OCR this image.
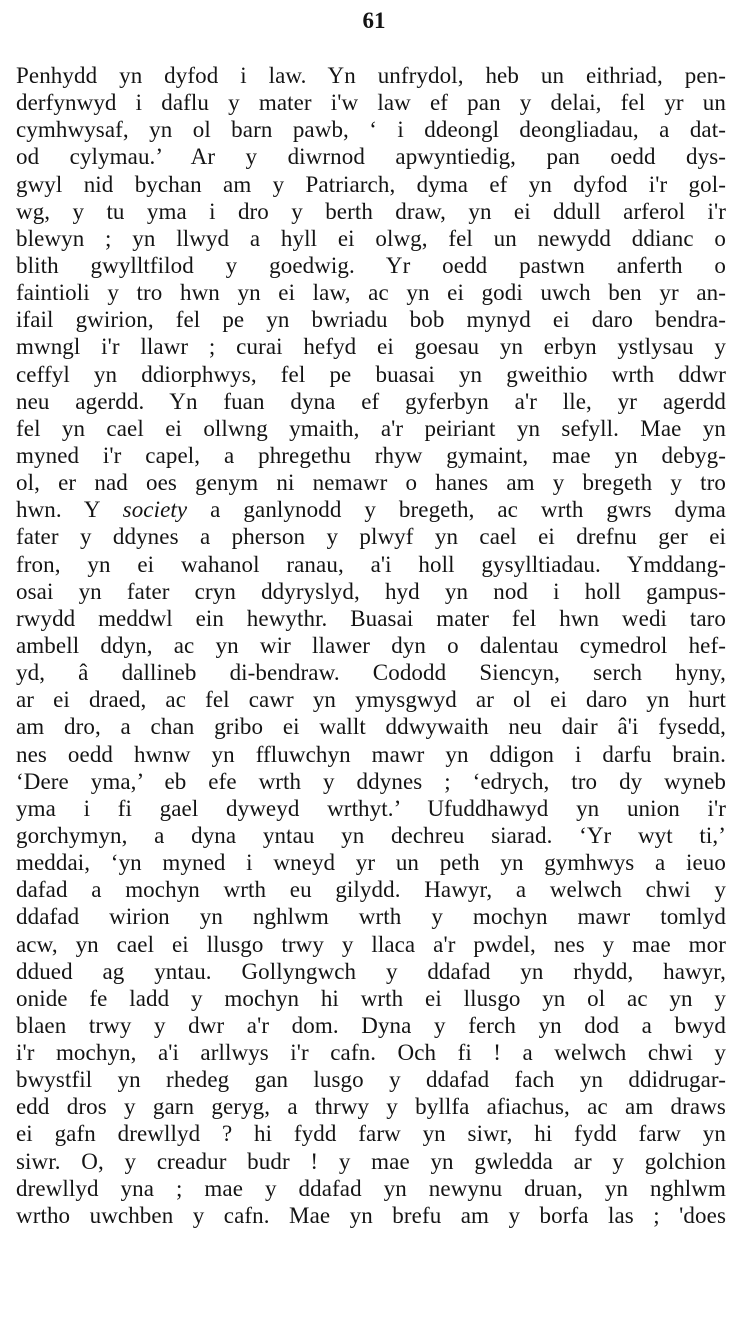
61
Penhydd yn dyfod i law. Yn unfrydol, heb un eithriad, pen-
derfynwyd i daflu y mater i'w law ef pan y delai, fel yr un
cymhwysaf, yn ol barn pawb, ‘ i ddeongl deongliadau, a dat-
od cylymau.’ Ar y diwrnod apwyntiedig, pan oedd dys-
gwyl nid bychan am y Patriarch, dyma ef yn dyfod i'r gol-
wg, y tu yma i dro y berth draw, yn ei ddull arferol i'r
blewyn ; yn llwyd a hyll ei olwg, fel un newydd ddianc o
blith gwylltfilod y goedwig. Yr oedd pastwn anferth o
faintioli y tro hwn yn ei law, ac yn ei godi uwch ben yr an-
ifail gwirion, fel pe yn bwriadu bob mynyd ei daro bendra-
mwngl i'r llawr ; curai hefyd ei goesau yn erbyn ystlysau y
ceffyl yn ddiorphwys, fel pe buasai yn gweithio wrth ddwr
neu agerdd. Yn fuan dyna ef gyferbyn a'r lle, yr agerdd
fel yn cael ei ollwng ymaith, a'r peiriant yn sefyll. Mae yn
myned i'r capel, a phregethu rhyw gymaint, mae yn debyg-
ol, er nad oes genym ni nemawr o hanes am y bregeth y tro
hwn. Y society a ganlynodd y bregeth, ac wrth gwrs dyma
fater y ddynes a pherson y plwyf yn cael ei drefnu ger ei
fron, yn ei wahanol ranau, a'i holl gysylltiadau. Ymddang-
osai yn fater cryn ddyryslyd, hyd yn nod i holl gampus-
rwydd meddwl ein hewythr. Buasai mater fel hwn wedi taro
ambell ddyn, ac yn wir llawer dyn o dalentau cymedrol hef-
yd, â dallineb di-bendraw. Cododd Siencyn, serch hyny,
ar ei draed, ac fel cawr yn ymysgwyd ar ol ei daro yn hurt
am dro, a chan gribo ei wallt ddwywaith neu dair â'i fysedd,
nes oedd hwnw yn ffluwchyn mawr yn ddigon i darfu brain.
‘Dere yma,’ eb efe wrth y ddynes ; ‘edrych, tro dy wyneb
yma i fi gael dyweyd wrthyt.’ Ufuddhawyd yn union i'r
gorchymyn, a dyna yntau yn dechreu siarad. ‘Yr wyt ti,’
meddai, ‘yn myned i wneyd yr un peth yn gymhwys a ieuo
dafad a mochyn wrth eu gilydd. Hawyr, a welwch chwi y
ddafad wirion yn nghlwm wrth y mochyn mawr tomlyd
acw, yn cael ei llusgo trwy y llaca a'r pwdel, nes y mae mor
ddued ag yntau. Gollyngwch y ddafad yn rhydd, hawyr,
onide fe ladd y mochyn hi wrth ei llusgo yn ol ac yn y
blaen trwy y dwr a'r dom. Dyna y ferch yn dod a bwyd
i'r mochyn, a'i arllwys i'r cafn. Och fi ! a welwch chwi y
bwystfil yn rhedeg gan lusgo y ddafad fach yn ddidrugar-
edd dros y garn geryg, a thrwy y byllfa afiachus, ac am draws
ei gafn drewllyd ? hi fydd farw yn siwr, hi fydd farw yn
siwr. O, y creadur budr ! y mae yn gwledda ar y golchion
drewllyd yna ; mae y ddafad yn newynu druan, yn nghlwm
wrtho uwchben y cafn. Mae yn brefu am y borfa las ; 'does
